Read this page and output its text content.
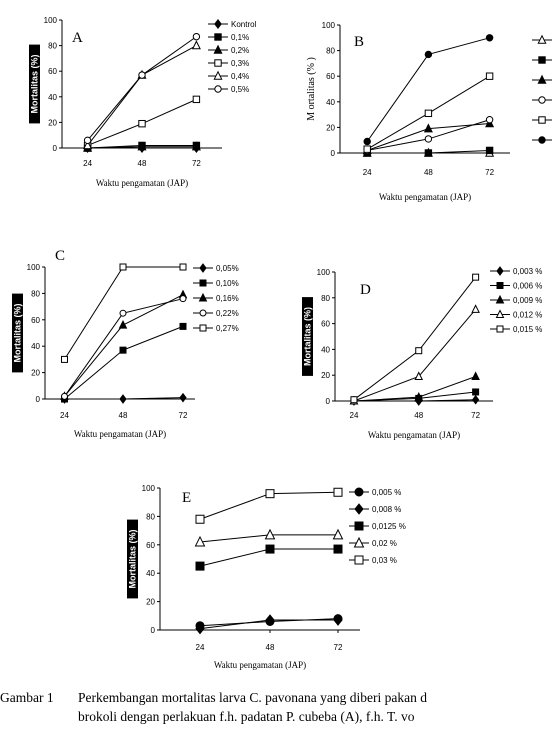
0
20
40
60
80
100
24	48	72
Waktu pengamatan (JAP)
Mortalitas (%)
A
Kontrol
0,1%
0,2%
0,3%
0,4%
0,5%
0
20
40
60
80
100
24	48	72
Waktu pengamatan (JAP)
M ortalitas (% )
B
0
20
40
60
80
100
24	48	72
Waktu pengamatan (JAP)
Mortalitas (%)
C
0,05%
0,10%
0,16%
0,22%
0,27%
0
20
40
60
80
100
24	48	72
Waktu pengamatan (JAP)
Mortalitas (%)
D
0,003 %
0,006 %
0,009 %
0,012 %
0,015 %
0
20
40
60
80
100
24	48	72
Waktu pengamatan (JAP)
Mortalitas (%)
E	0,005 %
0,008 %
0,0125 %
0,02 %
0,03 %
Gambar 1 Perkembangan mortalitas larva C. pavonana yang diberi pakan d
brokoli dengan perlakuan f.h. padatan P. cubeba (A), f.h. T. vo
